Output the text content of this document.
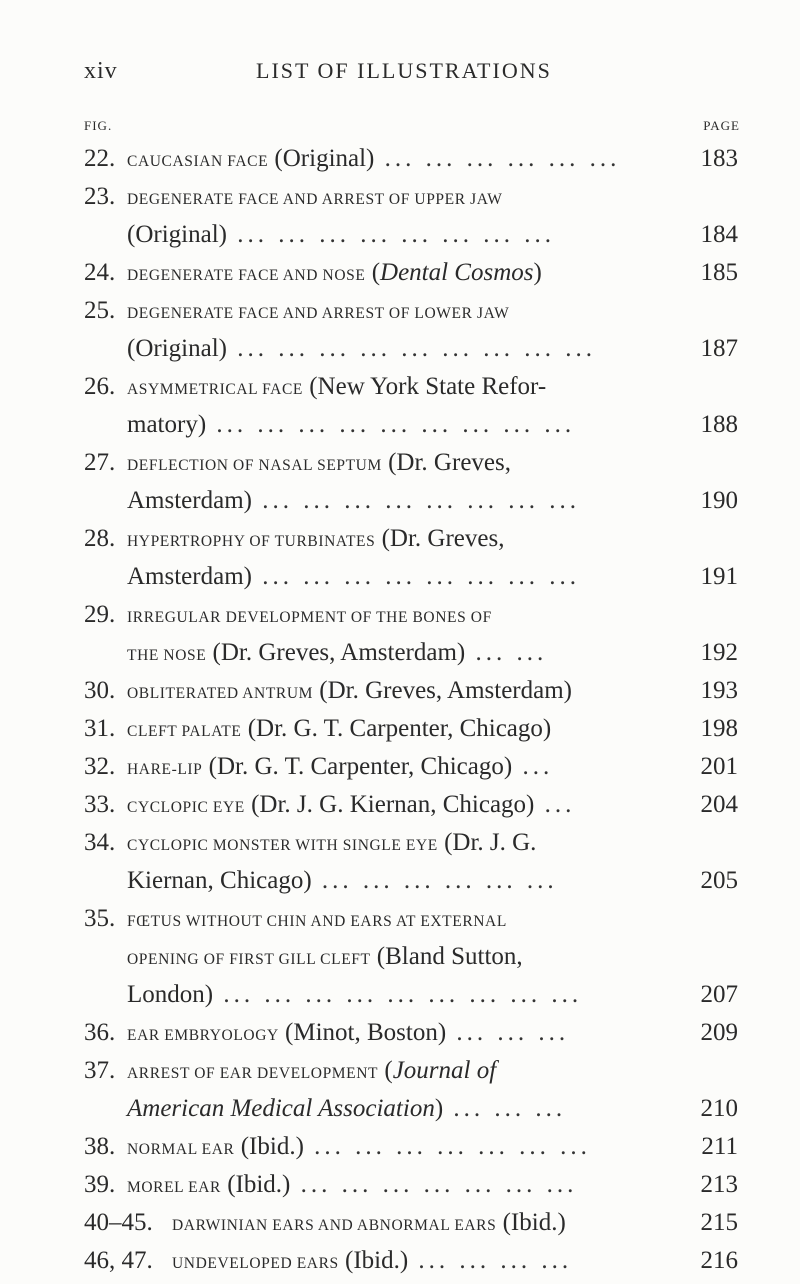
xiv	LIST OF ILLUSTRATIONS
FIG.	PAGE
22. CAUCASIAN FACE (Original) ... ... ... ... ... ...	183
23. DEGENERATE FACE AND ARREST OF UPPER JAW
(Original) ... ... ... ... ... ... ... ...	184
24. DEGENERATE FACE AND NOSE (Dental Cosmos)	185
25. DEGENERATE FACE AND ARREST OF LOWER JAW
(Original) ... ... ... ... ... ... ... ... ...	187
26. ASYMMETRICAL FACE (New York State Refor-
matory) ... ... ... ... ... ... ... ... ...	188
27. DEFLECTION OF NASAL SEPTUM (Dr. Greves,
Amsterdam) ... ... ... ... ... ... ... ...	190
28. HYPERTROPHY OF TURBINATES (Dr. Greves,
Amsterdam) ... ... ... ... ... ... ... ...	191
29. IRREGULAR DEVELOPMENT OF THE BONES OF
THE NOSE (Dr. Greves, Amsterdam) ... ...	192
30. OBLITERATED ANTRUM (Dr. Greves, Amsterdam)	193
31. CLEFT PALATE (Dr. G. T. Carpenter, Chicago)	198
32. HARE-LIP (Dr. G. T. Carpenter, Chicago) ...	201
33. CYCLOPIC EYE (Dr. J. G. Kiernan, Chicago) ...	204
34. CYCLOPIC MONSTER WITH SINGLE EYE (Dr. J. G.
Kiernan, Chicago) ... ... ... ... ... ...	205
35. FŒTUS WITHOUT CHIN AND EARS AT EXTERNAL
OPENING OF FIRST GILL CLEFT (Bland Sutton,
London) ... ... ... ... ... ... ... ... ...	207
36. EAR EMBRYOLOGY (Minot, Boston) ... ... ...	209
37. ARREST OF EAR DEVELOPMENT (Journal of
American Medical Association) ... ... ...	210
38. NORMAL EAR (Ibid.) ... ... ... ... ... ... ...	211
39. MOREL EAR (Ibid.) ... ... ... ... ... ... ...	213
40–45. DARWINIAN EARS AND ABNORMAL EARS (Ibid.)	215
46, 47. UNDEVELOPED EARS (Ibid.) ... ... ... ...	216
